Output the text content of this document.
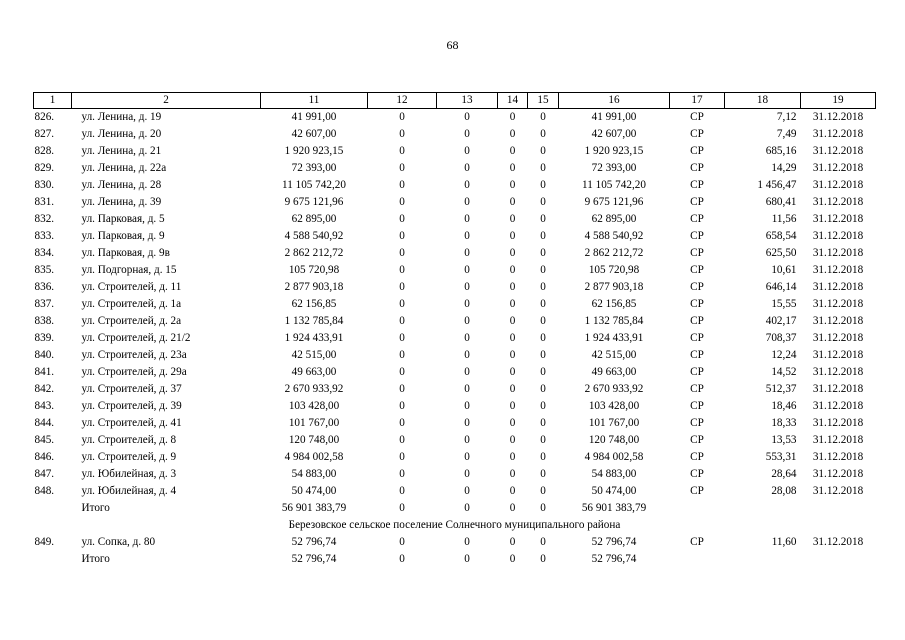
68
1	2	11	12	13	14	15	16	17	18	19
826.	ул. Ленина, д. 19	41 991,00	0	0	0	0	41 991,00	СР	7,12	31.12.2018
827.	ул. Ленина, д. 20	42 607,00	0	0	0	0	42 607,00	СР	7,49	31.12.2018
828.	ул. Ленина, д. 21	1 920 923,15	0	0	0	0	1 920 923,15	СР	685,16	31.12.2018
829.	ул. Ленина, д. 22а	72 393,00	0	0	0	0	72 393,00	СР	14,29	31.12.2018
830.	ул. Ленина, д. 28	11 105 742,20	0	0	0	0	11 105 742,20	СР	1 456,47	31.12.2018
831.	ул. Ленина, д. 39	9 675 121,96	0	0	0	0	9 675 121,96	СР	680,41	31.12.2018
832.	ул. Парковая, д. 5	62 895,00	0	0	0	0	62 895,00	СР	11,56	31.12.2018
833.	ул. Парковая, д. 9	4 588 540,92	0	0	0	0	4 588 540,92	СР	658,54	31.12.2018
834.	ул. Парковая, д. 9в	2 862 212,72	0	0	0	0	2 862 212,72	СР	625,50	31.12.2018
835.	ул. Подгорная, д. 15	105 720,98	0	0	0	0	105 720,98	СР	10,61	31.12.2018
836.	ул. Строителей, д. 11	2 877 903,18	0	0	0	0	2 877 903,18	СР	646,14	31.12.2018
837.	ул. Строителей, д. 1а	62 156,85	0	0	0	0	62 156,85	СР	15,55	31.12.2018
838.	ул. Строителей, д. 2а	1 132 785,84	0	0	0	0	1 132 785,84	СР	402,17	31.12.2018
839.	ул. Строителей, д. 21/2	1 924 433,91	0	0	0	0	1 924 433,91	СР	708,37	31.12.2018
840.	ул. Строителей, д. 23а	42 515,00	0	0	0	0	42 515,00	СР	12,24	31.12.2018
841.	ул. Строителей, д. 29а	49 663,00	0	0	0	0	49 663,00	СР	14,52	31.12.2018
842.	ул. Строителей, д. 37	2 670 933,92	0	0	0	0	2 670 933,92	СР	512,37	31.12.2018
843.	ул. Строителей, д. 39	103 428,00	0	0	0	0	103 428,00	СР	18,46	31.12.2018
844.	ул. Строителей, д. 41	101 767,00	0	0	0	0	101 767,00	СР	18,33	31.12.2018
845.	ул. Строителей, д. 8	120 748,00	0	0	0	0	120 748,00	СР	13,53	31.12.2018
846.	ул. Строителей, д. 9	4 984 002,58	0	0	0	0	4 984 002,58	СР	553,31	31.12.2018
847.	ул. Юбилейная, д. 3	54 883,00	0	0	0	0	54 883,00	СР	28,64	31.12.2018
848.	ул. Юбилейная, д. 4	50 474,00	0	0	0	0	50 474,00	СР	28,08	31.12.2018
	Итого	56 901 383,79	0	0	0	0	56 901 383,79			
Березовское сельское поселение Солнечного муниципального района										
849.	ул. Сопка, д. 80	52 796,74	0	0	0	0	52 796,74	СР	11,60	31.12.2018
	Итого	52 796,74	0	0	0	0	52 796,74			
